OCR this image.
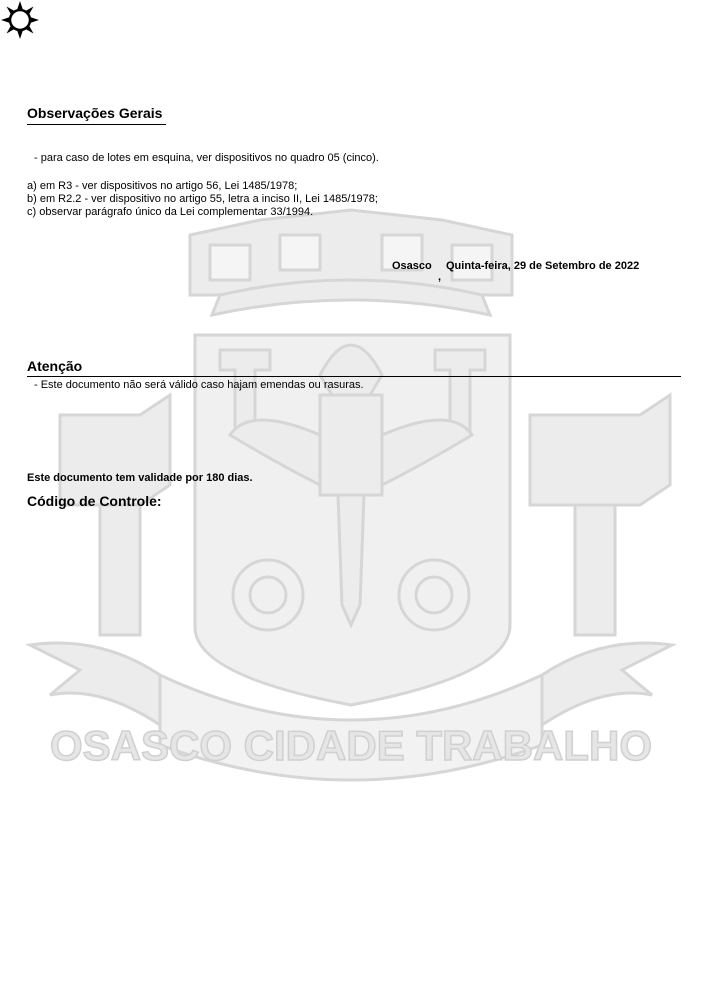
OSASCO CIDADE TRABALHO
Observações Gerais
- para caso de lotes em esquina, ver dispositivos no quadro 05 (cinco).
a) em R3 - ver dispositivos no artigo 56, Lei 1485/1978;
b) em R2.2 - ver dispositivo no artigo 55, letra a inciso II, Lei 1485/1978;
c) observar parágrafo único da Lei complementar 33/1994.
Osasco
,
Quinta-feira, 29 de Setembro de 2022
Atenção
- Este documento não será válido caso hajam emendas ou rasuras.
Este documento tem validade por 180 dias.
Código de Controle:
